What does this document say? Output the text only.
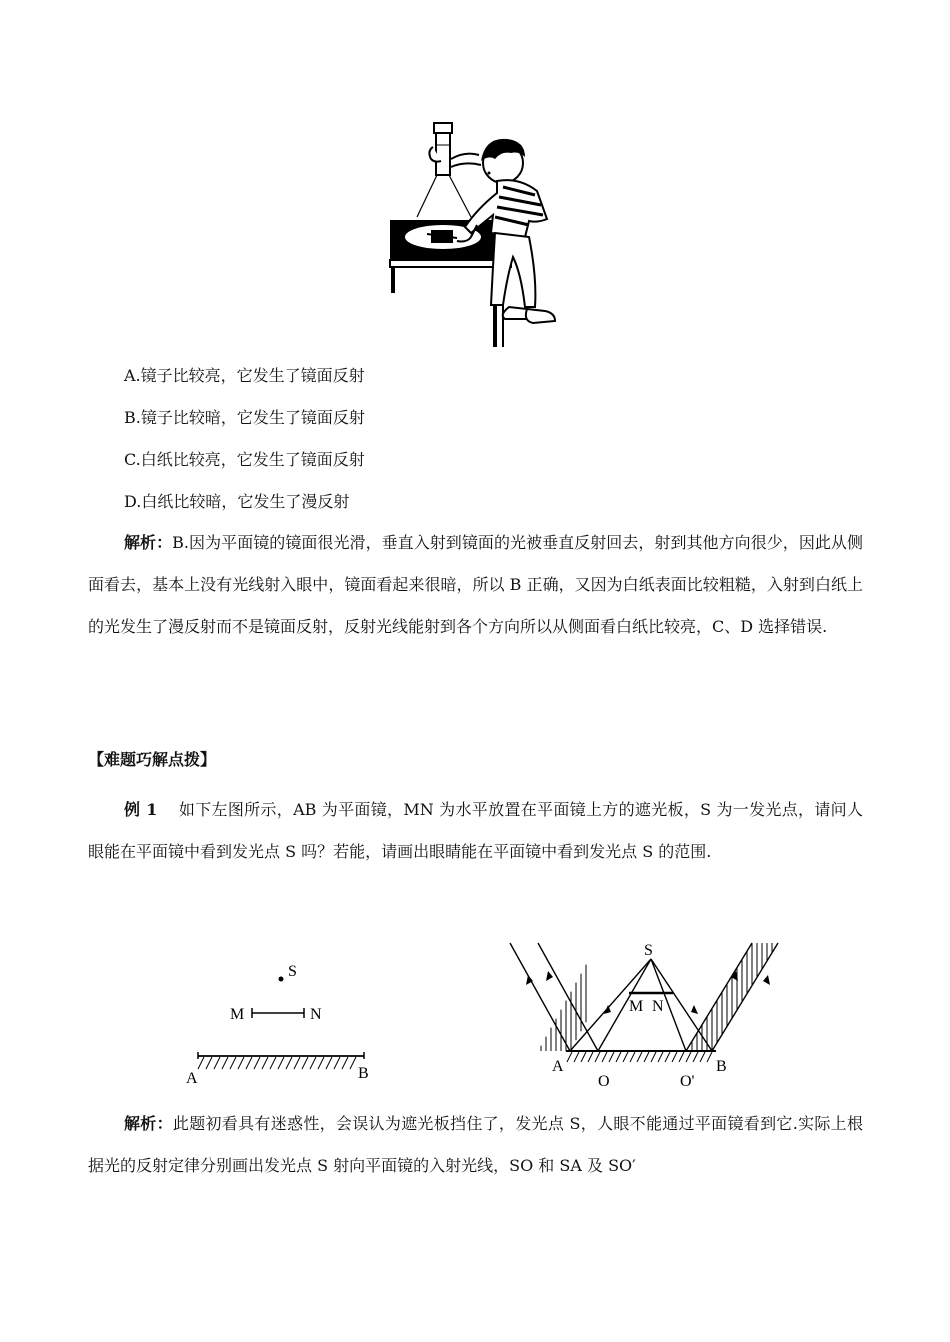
A.镜子比较亮，它发生了镜面反射
B.镜子比较暗，它发生了镜面反射
C.白纸比较亮，它发生了镜面反射
D.白纸比较暗，它发生了漫反射

解析：B.因为平面镜的镜面很光滑，垂直入射到镜面的光被垂直反射回去，射到其他方向很少，因此从侧面看去，基本上没有光线射入眼中，镜面看起来很暗，所以 B 正确，又因为白纸表面比较粗糙，入射到白纸上的光发生了漫反射而不是镜面反射，反射光线能射到各个方向所以从侧面看白纸比较亮，C、D 选择错误.

【难题巧解点拨】

例 1 如下左图所示，AB 为平面镜，MN 为水平放置在平面镜上方的遮光板，S 为一发光点，请问人眼能在平面镜中看到发光点 S 吗？若能，请画出眼睛能在平面镜中看到发光点 S 的范围.

S
M	N
A	B
S
M N
A	B
O	O'

解析：此题初看具有迷惑性，会误认为遮光板挡住了，发光点 S，人眼不能通过平面镜看到它.实际上根据光的反射定律分别画出发光点 S 射向平面镜的入射光线，SO 和 SA 及 SO′
